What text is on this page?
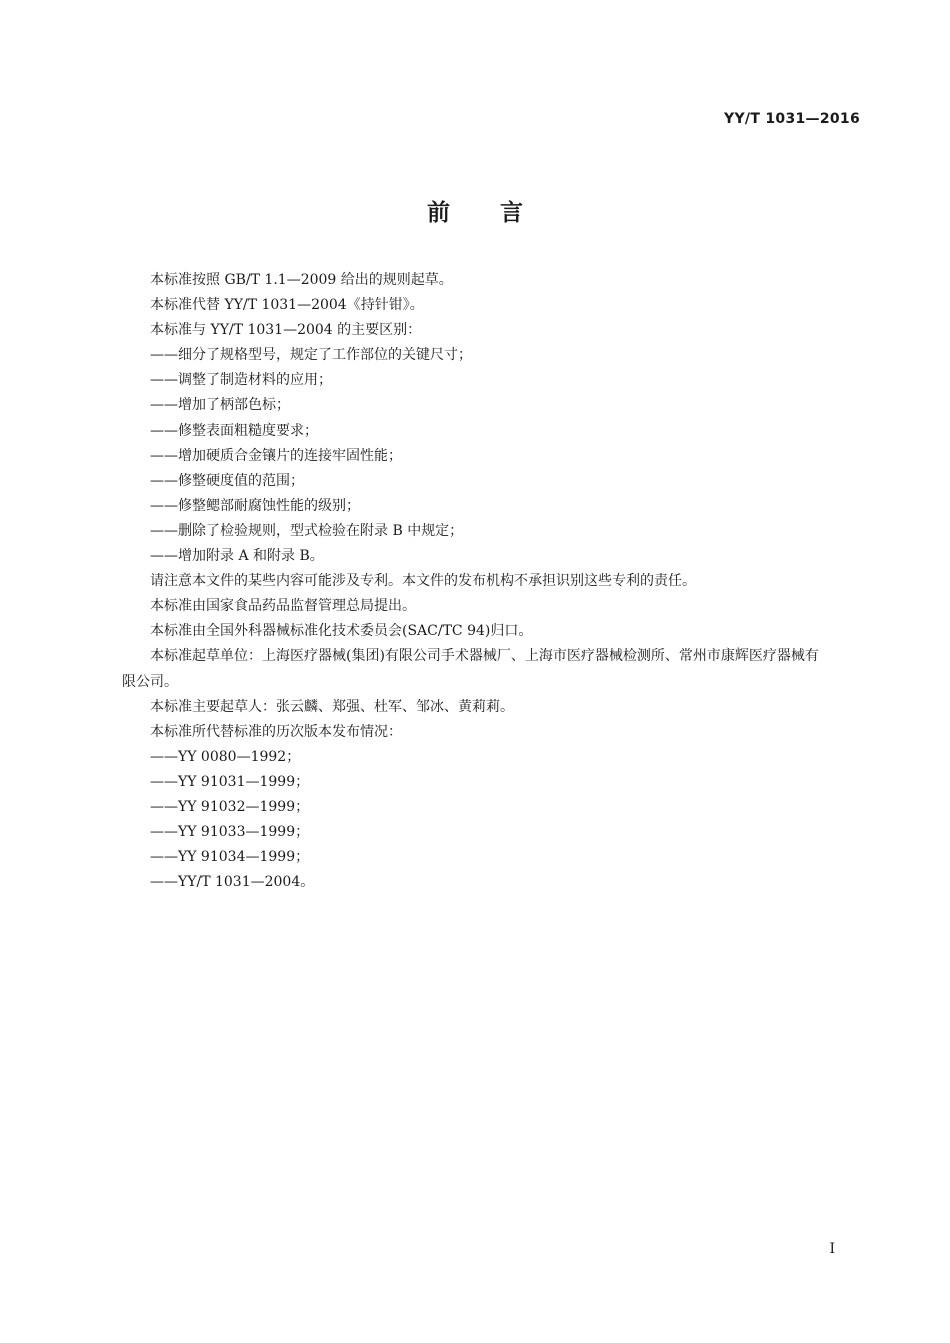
YY/T 1031—2016
前言

本标准按照 GB/T 1.1—2009 给出的规则起草。

本标准代替 YY/T 1031—2004《持针钳》。

本标准与 YY/T 1031—2004 的主要区别：

——细分了规格型号，规定了工作部位的关键尺寸；

——调整了制造材料的应用；

——增加了柄部色标；

——修整表面粗糙度要求；

——增加硬质合金镶片的连接牢固性能；

——修整硬度值的范围；

——修整鳃部耐腐蚀性能的级别；

——删除了检验规则，型式检验在附录 B 中规定；

——增加附录 A 和附录 B。

请注意本文件的某些内容可能涉及专利。本文件的发布机构不承担识别这些专利的责任。

本标准由国家食品药品监督管理总局提出。

本标准由全国外科器械标准化技术委员会(SAC/TC 94)归口。

本标准起草单位：上海医疗器械(集团)有限公司手术器械厂、上海市医疗器械检测所、常州市康辉医疗器械有限公司。

本标准主要起草人：张云麟、郑强、杜军、邹冰、黄莉莉。

本标准所代替标准的历次版本发布情况：

——YY 0080—1992；

——YY 91031—1999；

——YY 91032—1999；

——YY 91033—1999；

——YY 91034—1999；

——YY/T 1031—2004。

I
